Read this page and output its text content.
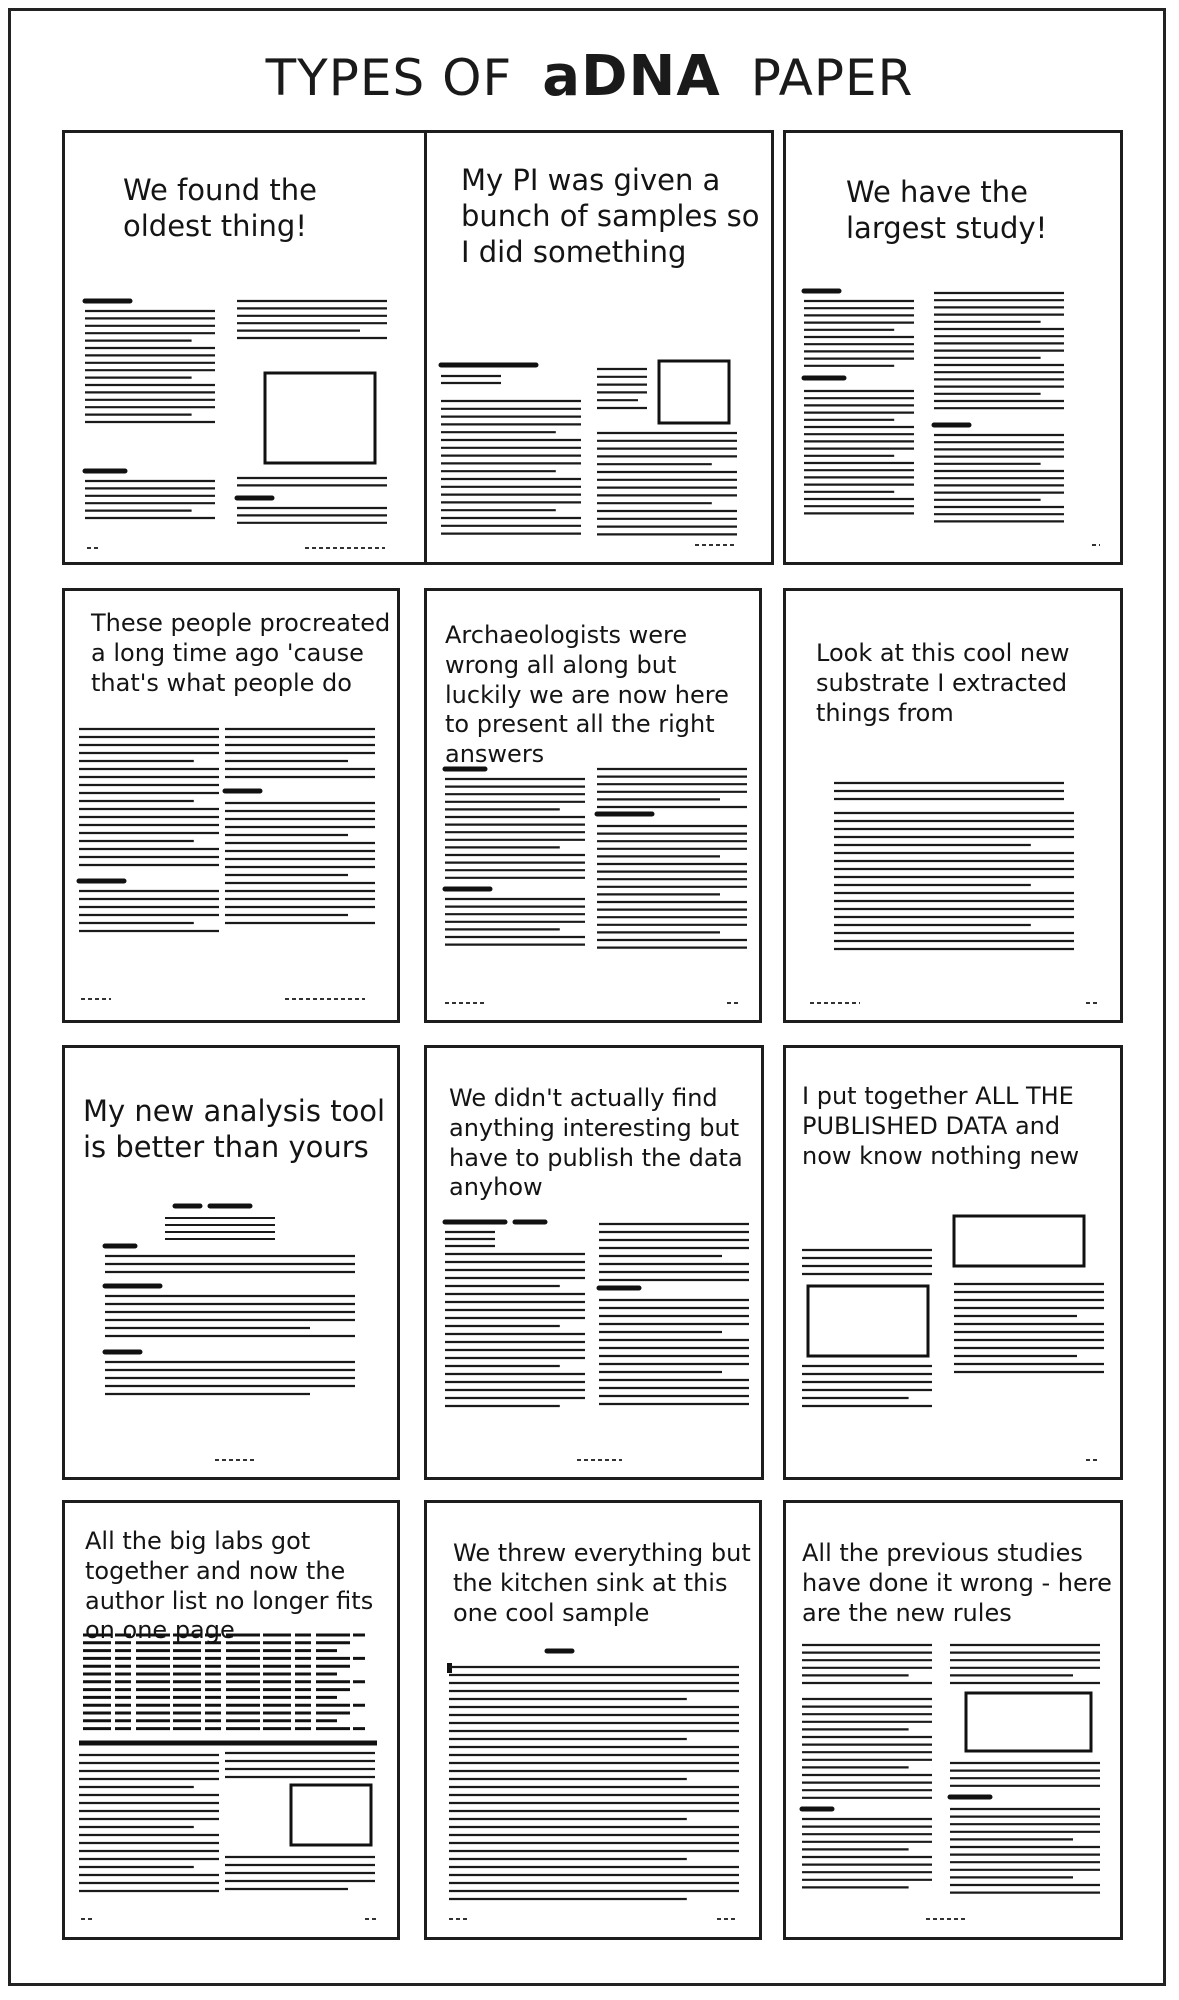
TYPES OF aDNA PAPER
We found the oldest thing!
My PI was given a bunch of samples so I did something
We have the largest study!
These people procreated a long time ago 'cause that's what people do
Archaeologists were wrong all along but luckily we are now here to present all the right answers
Look at this cool new substrate I extracted things from
My new analysis tool is better than yours
We didn't actually find anything interesting but have to publish the data anyhow
I put together ALL THE PUBLISHED DATA and now know nothing new
All the big labs got together and now the author list no longer fits on one page
We threw everything but the kitchen sink at this one cool sample
All the previous studies have done it wrong - here are the new rules
